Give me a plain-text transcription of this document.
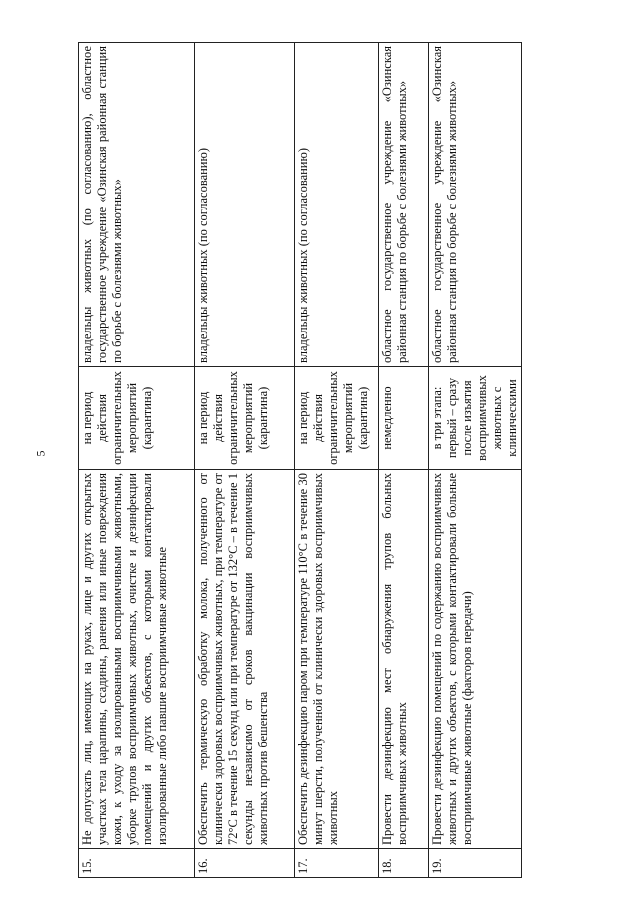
5
15.	Не допускать лиц, имеющих на руках, лице и других открытых участках тела царапины, ссадины, ранения или иные повреждения кожи, к уходу за изолированными восприимчивыми животными, уборке трупов восприимчивых животных, очистке и дезинфекции помещений и других объектов, с которыми контактировали изолированные либо павшие восприимчивые животные	на период действия ограничительных мероприятий (карантина)	владельцы животных (по согласованию), областное государственное учреждение «Озинская районная станция по борьбе с болезнями животных»
16.	Обеспечить термическую обработку молока, полученного от клинически здоровых восприимчивых животных, при температуре от 72°С в течение 15 секунд или при температуре от 132°С – в течение 1 секунды независимо от сроков вакцинации восприимчивых животных против бешенства	на период действия ограничительных мероприятий (карантина)	владельцы животных (по согласованию)
17.	Обеспечить дезинфекцию паром при температуре 110°С в течение 30 минут шерсти, полученной от клинически здоровых восприимчивых животных	на период действия ограничительных мероприятий (карантина)	владельцы животных (по согласованию)
18.	Провести дезинфекцию мест обнаружения трупов больных восприимчивых животных	немедленно	областное государственное учреждение «Озинская районная станция по борьбе с болезнями животных»
19.	Провести дезинфекцию помещений по содержанию восприимчивых животных и других объектов, с которыми контактировали больные восприимчивые животные (факторов передачи)	в три этапа: первый – сразу после изъятия восприимчивых животных с клиническими	областное государственное учреждение «Озинская районная станция по борьбе с болезнями животных»
